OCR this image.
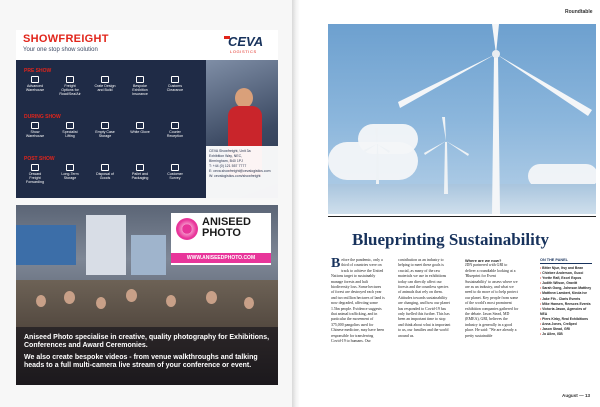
SHOWFREIGHT
Your one stop show solution
CEVA
LOGISTICS
PRE SHOW
Advanced Warehouse
Freight Options for Road/Sea/Air
Crate Design and Build
Bespoke Exhibition Insurance
Customs Clearance
DURING SHOW
Show Warehouse
Specialist Lifting
Empty Case Storage
White Glove	Courier Reception
POST SHOW
Onward Freight Forwarding
Long-Term Storage
Disposal of Goods
Pallet and Packaging
Customer Survey
CEVA Showfreight, Unit 3a
Exhibition Way, NEC,
Birmingham, B40 1PJ
T: +44 (0) 121 557 7777
E: ceva.showfreight@cevalogistics.com
W: cevalogistics.com/showfreight
ANISEED
PHOTO
WWW.ANISEEDPHOTO.COM
Aniseed Photo specialise in creative, quality photography for Exhibitions, Conferences and Award Ceremonies.
We also create bespoke videos - from venue walkthroughs and talking heads to a full multi-camera live stream of your conference or event.
Roundtable
Blueprinting Sustainability
B efore the pandemic, only a third of countries were on track to achieve the United Nations target to sustainably manage forests and halt biodiversity loss. Some hectares of forest are destroyed each year and two million hectares of land is now degraded, affecting some 1.5bn people. Evidence suggests that animal trafficking, and in particular the movement of 375,000 pangolins used for Chinese medicine, may have been responsible for transferring Covid-19 to humans. Our
contribution as an industry to helping to meet these goals is crucial, as many of the raw materials we use in exhibitions today can directly affect our forests and the countless species of animals that rely on them. Attitudes towards sustainability are changing, and how our planet has responded to Covid-19 has only fuelled this further. This has been an important time to stop and think about what is important to us, our families and the world around us.
Where are we now?
JDN partnered with GRI to deliver a roundtable looking at a 'Blueprint for Event Sustainability' to assess where we are as an industry, and what we need to do more of to help protect our planet. Key people from some of the world's most prominent exhibition companies gathered for the debate. Jason Stead, MD (EMEA), GRI, believes the industry is generally in a good place. He said: "We are already a pretty sustainable
ON THE PANEL
• Bitter Njue, Itsy and Bean
• Chiebee Anderson, Gucci
• Yvette Rafi, Excel Expos
• Judith Wilson, Gravitt
• Sarah Gong, Johnson Matthey
• Matthew Lambert, Kinda ive
• Jake Fih - Claris Events
• Mike Hansen, Reesces Events
• Victoria Jason, Agencies of NEA
• Piers Kirby, Real Exhibitions
• Anna Jones, Cre8ped
• Jason Stead, GRI
• Jo Allen, ISB
August — 13
